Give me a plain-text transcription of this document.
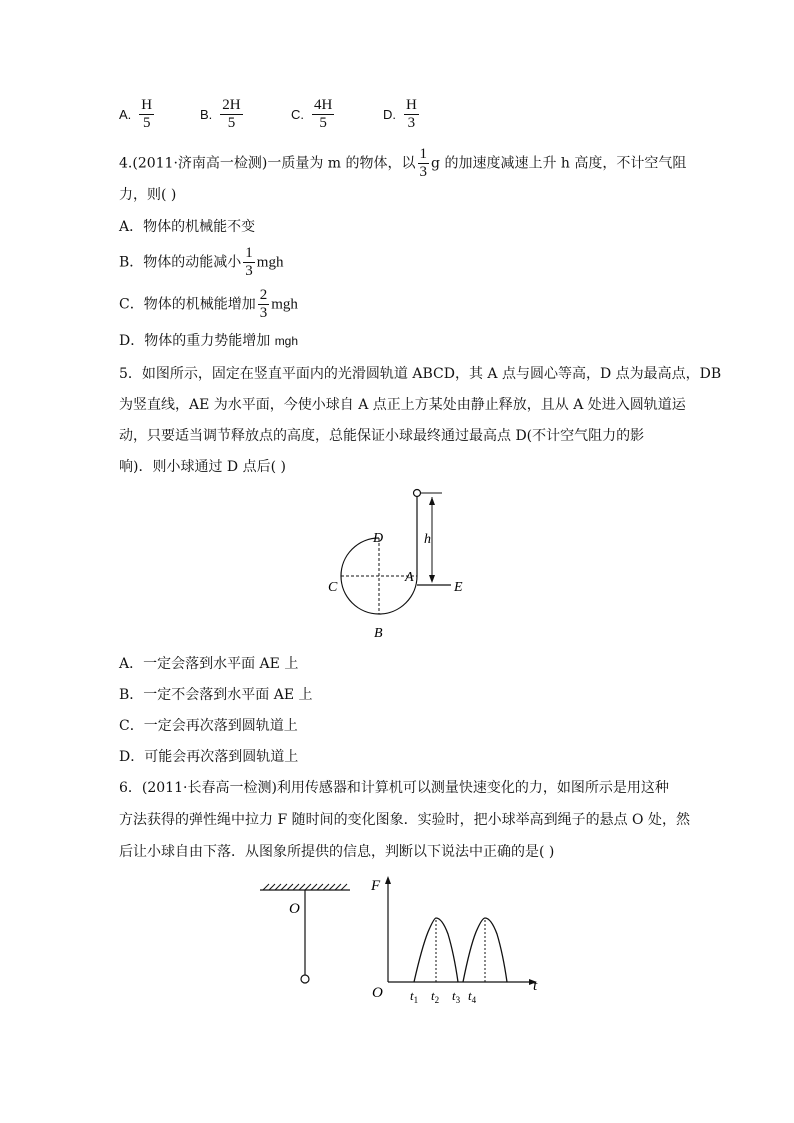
A. $\frac{H}{5}$	B. $\frac{2H}{5}$	C. $\frac{4H}{5}$	D. $\frac{H}{3}$
4.(2011·济南高一检测)一质量为 m 的物体，以 $\frac{1}{3}$ g 的加速度减速上升 h 高度，不计空气阻
力，则( )
A．物体的机械能不变
B．物体的动能减小 $\frac{1}{3}$ mgh
C．物体的机械能增加 $\frac{2}{3}$ mgh
D．物体的重力势能增加 mgh
5．如图所示，固定在竖直平面内的光滑圆轨道 ABCD，其 A 点与圆心等高，D 点为最高点，DB
为竖直线，AE 为水平面，今使小球自 A 点正上方某处由静止释放，且从 A 处进入圆轨道运
动，只要适当调节释放点的高度，总能保证小球最终通过最高点 D(不计空气阻力的影
响)．则小球通过 D 点后( )
h
D
C
A
B
E
A．一定会落到水平面 AE 上
B．一定不会落到水平面 AE 上
C．一定会再次落到圆轨道上
D．可能会再次落到圆轨道上
6．(2011·长春高一检测)利用传感器和计算机可以测量快速变化的力，如图所示是用这种
方法获得的弹性绳中拉力 F 随时间的变化图象．实验时，把小球举高到绳子的悬点 O 处，然
后让小球自由下落．从图象所提供的信息，判断以下说法中正确的是( )
O
F
O	t
$t_1$ $t_2$ $t_3$ $t_4$
